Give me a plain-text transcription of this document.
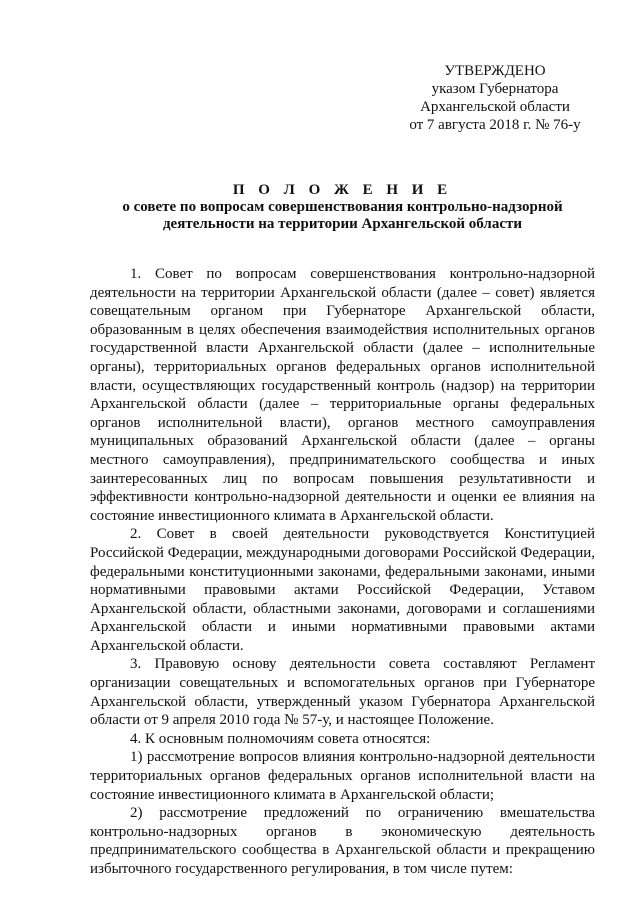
УТВЕРЖДЕНО
указом Губернатора
Архангельской области
от 7 августа 2018 г. № 76-у

П О Л О Ж Е Н И Е

о совете по вопросам совершенствования контрольно-надзорной

деятельности на территории Архангельской области

1. Совет по вопросам совершенствования контрольно-надзорной деятельности на территории Архангельской области (далее – совет) является совещательным органом при Губернаторе Архангельской области, образованным в целях обеспечения взаимодействия исполнительных органов государственной власти Архангельской области (далее – исполнительные органы), территориальных органов федеральных органов исполнительной власти, осуществляющих государственный контроль (надзор) на территории Архангельской области (далее – территориальные органы федеральных органов исполнительной власти), органов местного самоуправления муниципальных образований Архангельской области (далее – органы местного самоуправления), предпринимательского сообщества и иных заинтересованных лиц по вопросам повышения результативности и эффективности контрольно-надзорной деятельности и оценки ее влияния на состояние инвестиционного климата в Архангельской области.

2. Совет в своей деятельности руководствуется Конституцией Российской Федерации, международными договорами Российской Федерации, федеральными конституционными законами, федеральными законами, иными нормативными правовыми актами Российской Федерации, Уставом Архангельской области, областными законами, договорами и соглашениями Архангельской области и иными нормативными правовыми актами Архангельской области.

3. Правовую основу деятельности совета составляют Регламент организации совещательных и вспомогательных органов при Губернаторе Архангельской области, утвержденный указом Губернатора Архангельской области от 9 апреля 2010 года № 57-у, и настоящее Положение.

4. К основным полномочиям совета относятся:

1) рассмотрение вопросов влияния контрольно-надзорной деятельности территориальных органов федеральных органов исполнительной власти на состояние инвестиционного климата в Архангельской области;

2) рассмотрение предложений по ограничению вмешательства контрольно-надзорных органов в экономическую деятельность предпринимательского сообщества в Архангельской области и прекращению избыточного государственного регулирования, в том числе путем:
